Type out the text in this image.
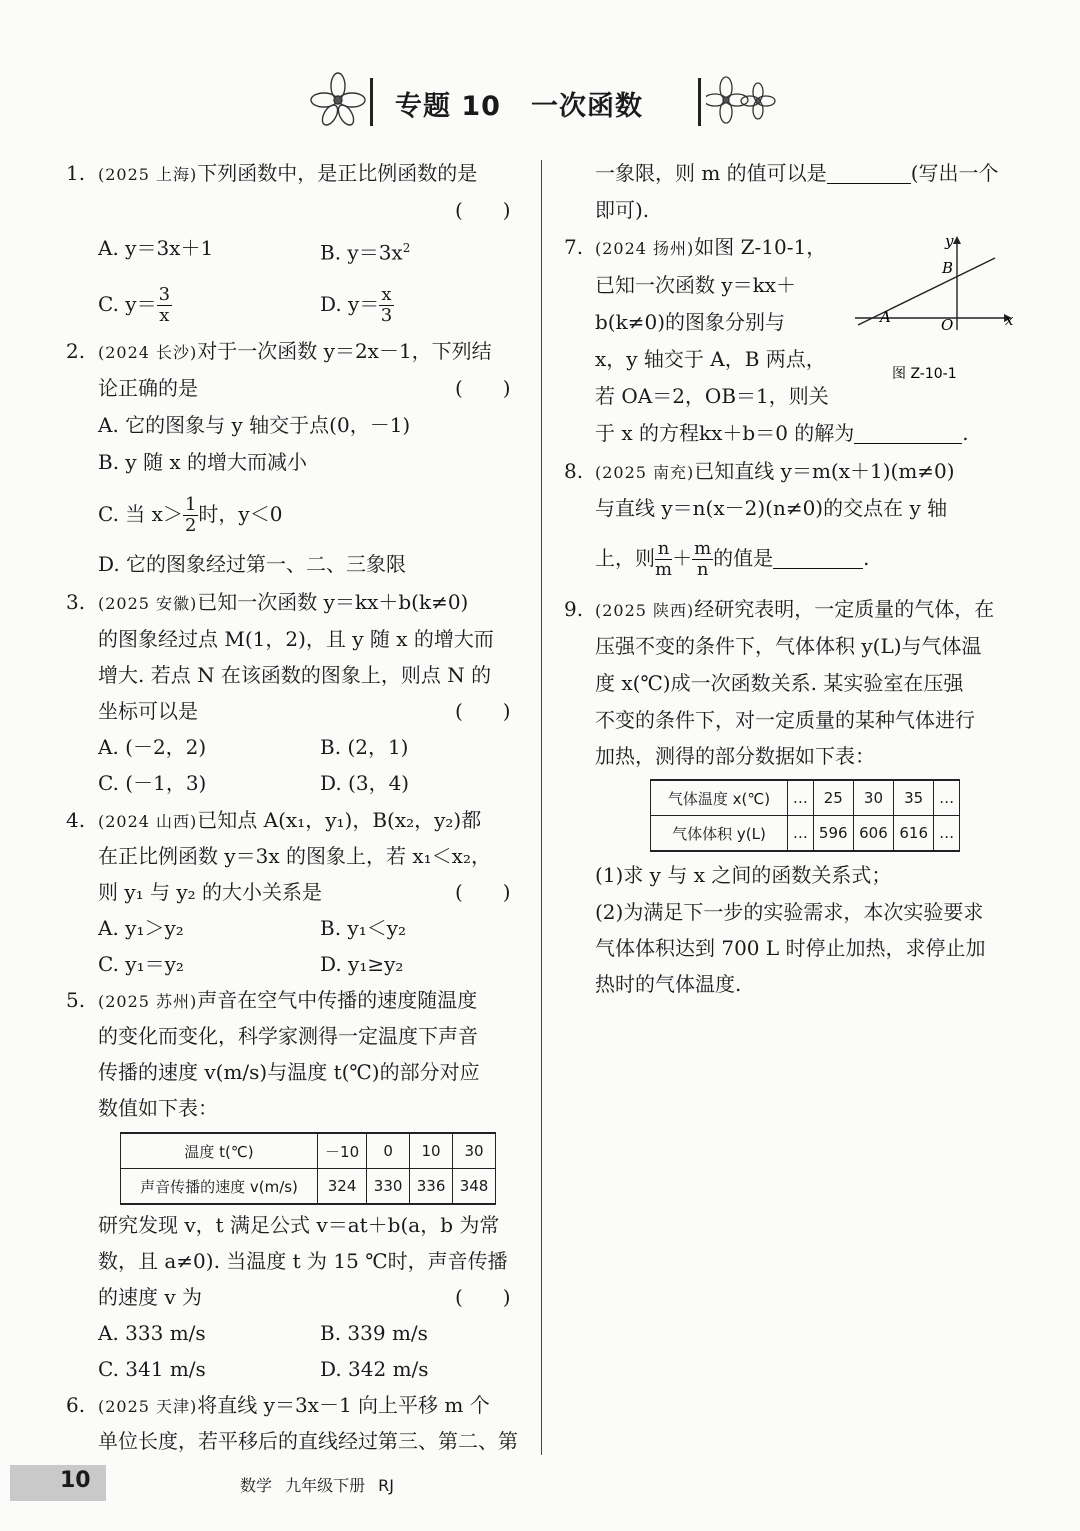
专题 10 一次函数
1. (2025 上海)下列函数中，是正比例函数的是
(　　)
A. y＝3x＋1	B. $y=3x^2$
C. $y= \frac{3}{x}$	D. $y= \frac{x}{3}$
2. (2024 长沙)对于一次函数 y＝2x－1，下列结
论正确的是	(　　)
A. 它的图象与 y 轴交于点(0，－1)
B. y 随 x 的增大而减小
C. 当 $x> \frac{1}{2}$ 时，y＜0
D. 它的图象经过第一、二、三象限
3. (2025 安徽)已知一次函数 y＝kx＋b(k≠0)
的图象经过点 M(1，2)，且 y 随 x 的增大而
增大. 若点 N 在该函数的图象上，则点 N 的
坐标可以是	(　　)
A. (－2，2)	B. (2，1)
C. (－1，3)	D. (3，4)
4. (2024 山西)已知点 A(x₁，y₁)，B(x₂，y₂)都
在正比例函数 y＝3x 的图象上，若 x₁＜x₂，
则 y₁ 与 y₂ 的大小关系是	(　　)
A. y₁＞y₂	B. y₁＜y₂
C. y₁＝y₂	D. y₁≥y₂
5. (2025 苏州)声音在空气中传播的速度随温度
的变化而变化，科学家测得一定温度下声音
传播的速度 v(m/s)与温度 t(℃)的部分对应
数值如下表：
温度 t(℃)	－10	0	10	30
声音传播的速度 v(m/s)	324	330	336	348
研究发现 v，t 满足公式 v＝at＋b(a，b 为常
数，且 a≠0). 当温度 t 为 15 ℃时，声音传播
的速度 v 为	(　　)
A. 333 m/s	B. 339 m/s
C. 341 m/s	D. 342 m/s
6. (2025 天津)将直线 y＝3x－1 向上平移 m 个
单位长度，若平移后的直线经过第三、第二、第
一象限，则 m 的值可以是	(写出一个
即可).
7. (2024 扬州)如图 Z-10-1，
已知一次函数 y＝kx＋
b(k≠0)的图象分别与
x，y 轴交于 A，B 两点，
若 OA＝2，OB＝1，则关
于 x 的方程kx＋b＝0 的解为	.
y
x
B
A	O
图 Z-10-1
8. (2025 南充)已知直线 y＝m(x＋1)(m≠0)
与直线 y＝n(x－2)(n≠0)的交点在 y 轴
上，则 $\frac{n}{m} + \frac{m}{n}$ 的值是	.
9. (2025 陕西)经研究表明，一定质量的气体，在
压强不变的条件下，气体体积 y(L)与气体温
度 x(℃)成一次函数关系. 某实验室在压强
不变的条件下，对一定质量的某种气体进行
加热，测得的部分数据如下表：
气体温度 x(℃)	…	25	30	35	…
气体体积 y(L)	…	596	606	616	…
(1)求 y 与 x 之间的函数关系式；
(2)为满足下一步的实验需求，本次实验要求
气体体积达到 700 L 时停止加热，求停止加
热时的气体温度.
10	数学 九年级下册 RJ
